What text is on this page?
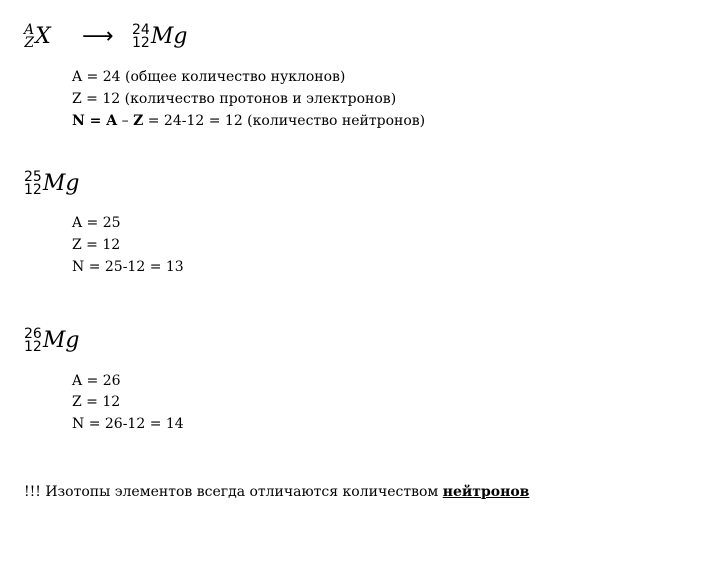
A
Z X ⟶ 24
12 Mg
A = 24 (общее количество нуклонов)
Z = 12 (количество протонов и электронов)
N = A – Z = 24-12 = 12 (количество нейтронов)
25
12 Mg
A = 25
Z = 12
N = 25-12 = 13
26
12 Mg
A = 26
Z = 12
N = 26-12 = 14
!!! Изотопы элементов всегда отличаются количеством нейтронов
